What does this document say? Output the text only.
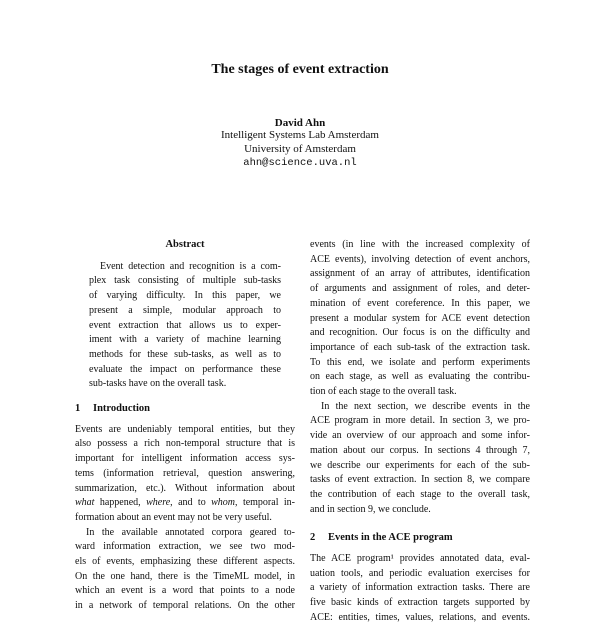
The stages of event extraction
David Ahn
Intelligent Systems Lab Amsterdam
University of Amsterdam
ahn@science.uva.nl
Abstract
Event detection and recognition is a com-
plex task consisting of multiple sub-tasks
of varying difficulty. In this paper, we
present a simple, modular approach to
event extraction that allows us to exper-
iment with a variety of machine learning
methods for these sub-tasks, as well as to
evaluate the impact on performance these
sub-tasks have on the overall task.
1 Introduction
Events are undeniably temporal entities, but they
also possess a rich non-temporal structure that is
important for intelligent information access sys-
tems (information retrieval, question answering,
summarization, etc.). Without information about
what happened, where, and to whom, temporal in-
formation about an event may not be very useful.
In the available annotated corpora geared to-
ward information extraction, we see two mod-
els of events, emphasizing these different aspects.
On the one hand, there is the TimeML model, in
which an event is a word that points to a node
in a network of temporal relations. On the other
events (in line with the increased complexity of
ACE events), involving detection of event anchors,
assignment of an array of attributes, identification
of arguments and assignment of roles, and deter-
mination of event coreference. In this paper, we
present a modular system for ACE event detection
and recognition. Our focus is on the difficulty and
importance of each sub-task of the extraction task.
To this end, we isolate and perform experiments
on each stage, as well as evaluating the contribu-
tion of each stage to the overall task.
In the next section, we describe events in the
ACE program in more detail. In section 3, we pro-
vide an overview of our approach and some infor-
mation about our corpus. In sections 4 through 7,
we describe our experiments for each of the sub-
tasks of event extraction. In section 8, we compare
the contribution of each stage to the overall task,
and in section 9, we conclude.
2 Events in the ACE program
The ACE program¹ provides annotated data, eval-
uation tools, and periodic evaluation exercises for
a variety of information extraction tasks. There are
five basic kinds of extraction targets supported by
ACE: entities, times, values, relations, and events.
